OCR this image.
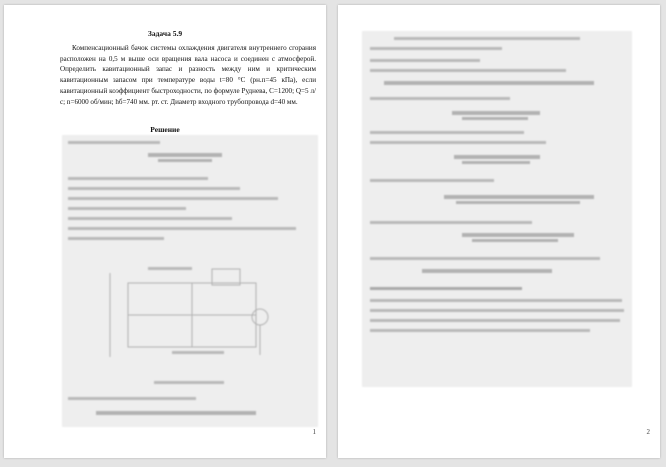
Задача 5.9

Компенсационный бачок системы охлаждения двигателя внутреннего сгорания расположен на 0,5 м выше оси вращения вала насоса и соединен с атмосферой. Определить кавитационный запас и разность между ним и критическим кавитационным запасом при температуре воды t=80 °С (pн.п=45 кПа), если кавитационный коэффициент быстроходности, по формуле Руднева, C=1200; Q=5 л/с; n=6000 об/мин; hб=740 мм. рт. ст. Диаметр входного трубопровода d=40 мм.

Решение
1	2
